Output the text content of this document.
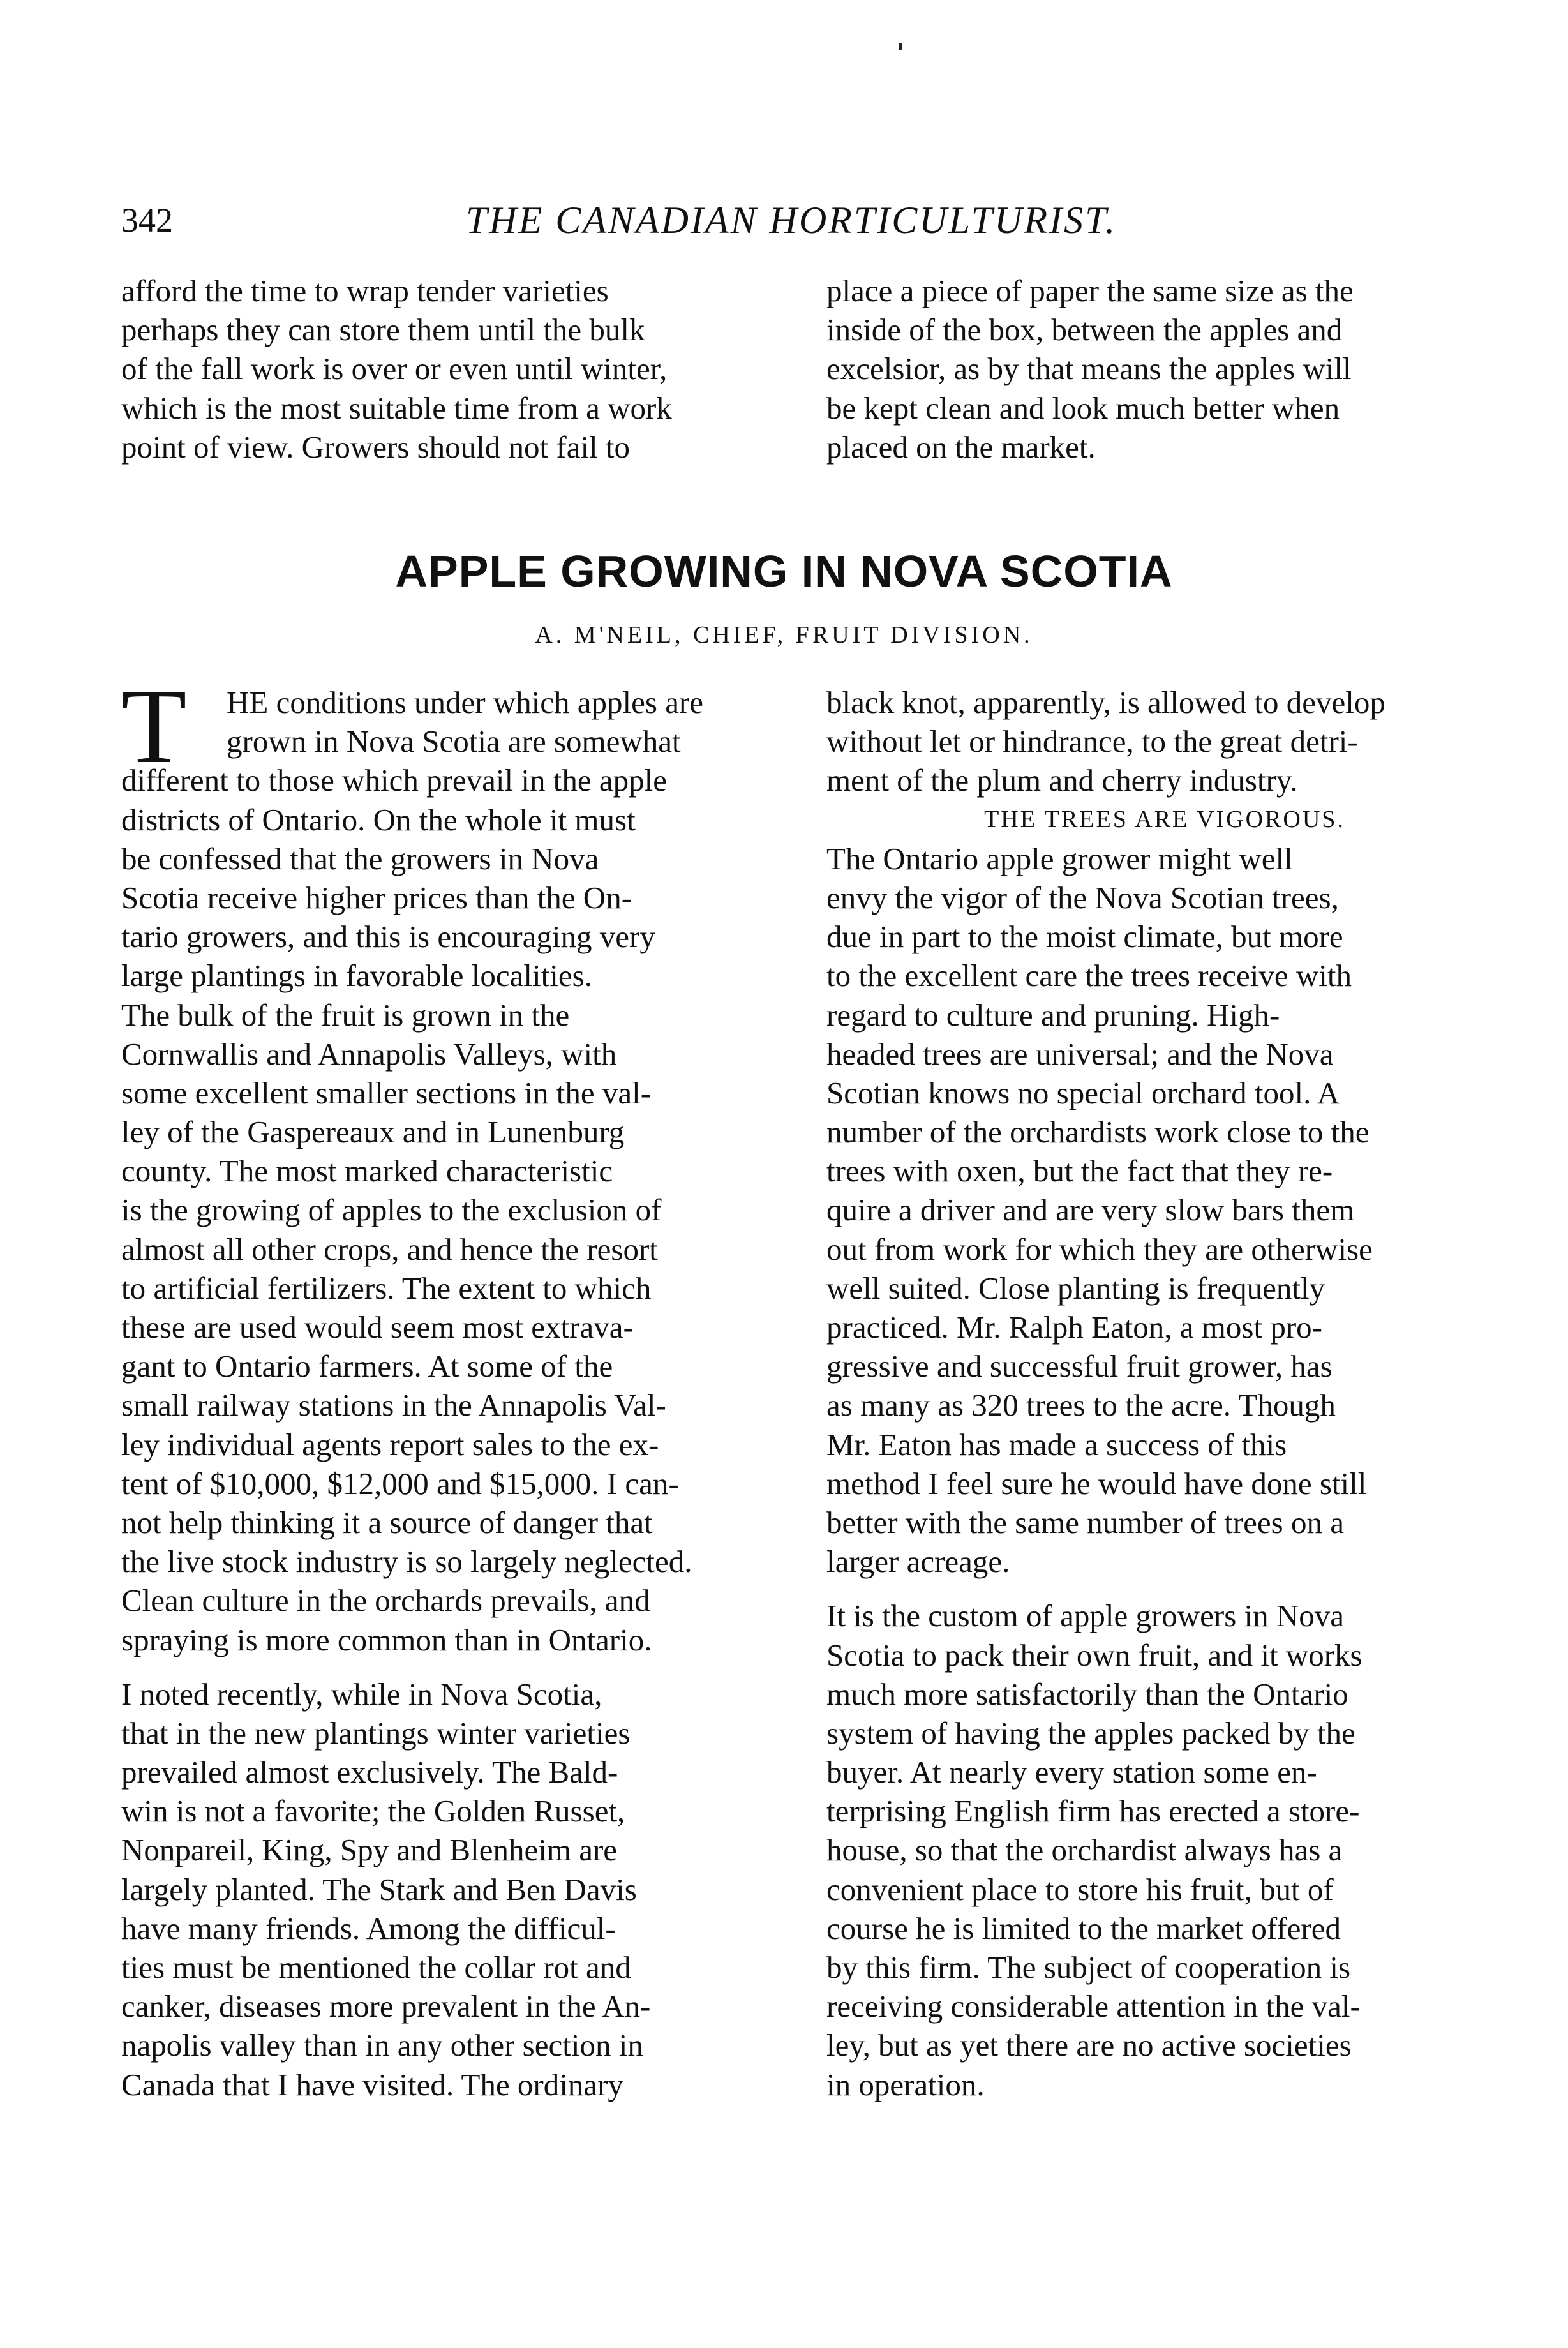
342	THE CANADIAN HORTICULTURIST.
afford the time to wrap tender varieties
perhaps they can store them until the bulk
of the fall work is over or even until winter,
which is the most suitable time from a work
point of view. Growers should not fail to
place a piece of paper the same size as the
inside of the box, between the apples and
excelsior, as by that means the apples will
be kept clean and look much better when
placed on the market.
APPLE GROWING IN NOVA SCOTIA
A. M'NEIL, CHIEF, FRUIT DIVISION.
T	HE conditions under which apples are
grown in Nova Scotia are somewhat
different to those which prevail in the apple
districts of Ontario. On the whole it must
be confessed that the growers in Nova
Scotia receive higher prices than the On-
tario growers, and this is encouraging very
large plantings in favorable localities.
The bulk of the fruit is grown in the
Cornwallis and Annapolis Valleys, with
some excellent smaller sections in the val-
ley of the Gaspereaux and in Lunenburg
county. The most marked characteristic
is the growing of apples to the exclusion of
almost all other crops, and hence the resort
to artificial fertilizers. The extent to which
these are used would seem most extrava-
gant to Ontario farmers. At some of the
small railway stations in the Annapolis Val-
ley individual agents report sales to the ex-
tent of $10,000, $12,000 and $15,000. I can-
not help thinking it a source of danger that
the live stock industry is so largely neglected.
Clean culture in the orchards prevails, and
spraying is more common than in Ontario.
I noted recently, while in Nova Scotia,
that in the new plantings winter varieties
prevailed almost exclusively. The Bald-
win is not a favorite; the Golden Russet,
Nonpareil, King, Spy and Blenheim are
largely planted. The Stark and Ben Davis
have many friends. Among the difficul-
ties must be mentioned the collar rot and
canker, diseases more prevalent in the An-
napolis valley than in any other section in
Canada that I have visited. The ordinary
black knot, apparently, is allowed to develop
without let or hindrance, to the great detri-
ment of the plum and cherry industry.
THE TREES ARE VIGOROUS.
The Ontario apple grower might well
envy the vigor of the Nova Scotian trees,
due in part to the moist climate, but more
to the excellent care the trees receive with
regard to culture and pruning. High-
headed trees are universal; and the Nova
Scotian knows no special orchard tool. A
number of the orchardists work close to the
trees with oxen, but the fact that they re-
quire a driver and are very slow bars them
out from work for which they are otherwise
well suited. Close planting is frequently
practiced. Mr. Ralph Eaton, a most pro-
gressive and successful fruit grower, has
as many as 320 trees to the acre. Though
Mr. Eaton has made a success of this
method I feel sure he would have done still
better with the same number of trees on a
larger acreage.
It is the custom of apple growers in Nova
Scotia to pack their own fruit, and it works
much more satisfactorily than the Ontario
system of having the apples packed by the
buyer. At nearly every station some en-
terprising English firm has erected a store-
house, so that the orchardist always has a
convenient place to store his fruit, but of
course he is limited to the market offered
by this firm. The subject of cooperation is
receiving considerable attention in the val-
ley, but as yet there are no active societies
in operation.
